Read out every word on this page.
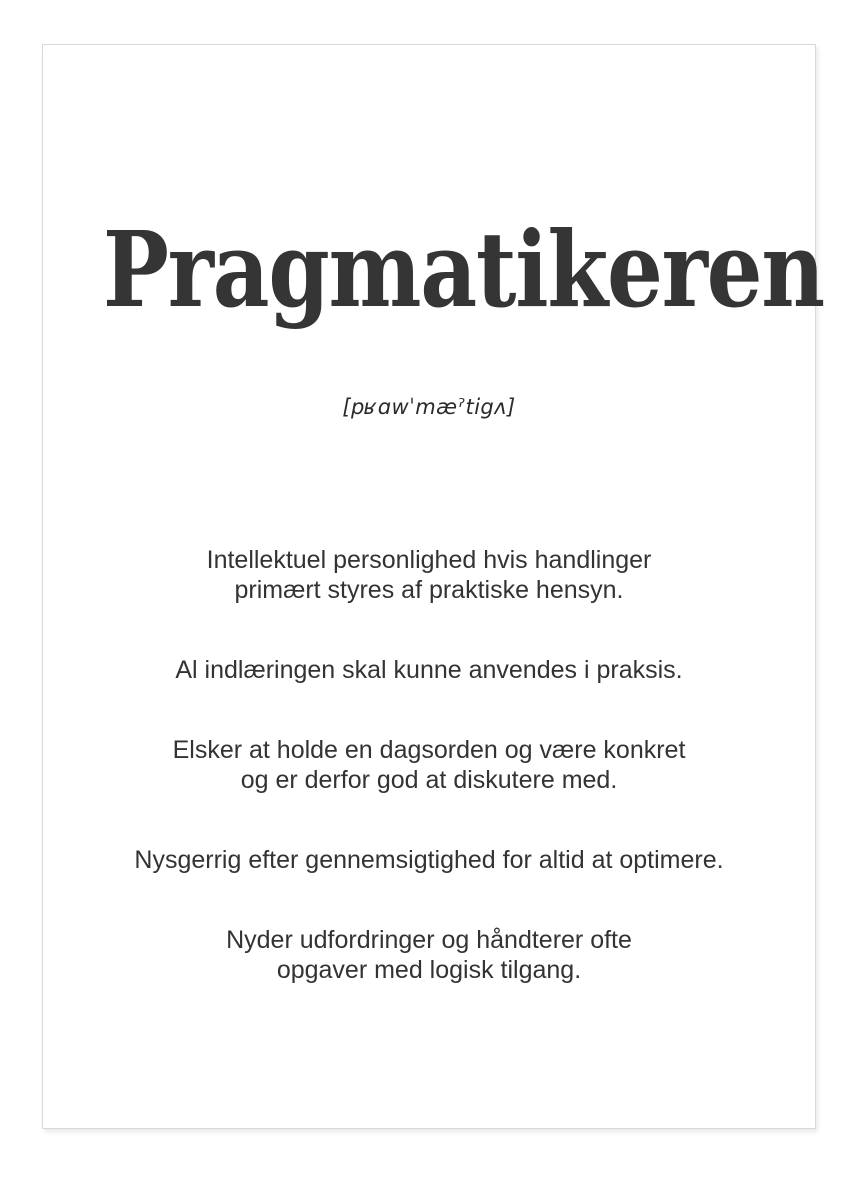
Pragmatikeren

[pʁɑwˈmæˀtigʌ]

Intellektuel personlighed hvis handlinger
primært styres af praktiske hensyn.

Al indlæringen skal kunne anvendes i praksis.

Elsker at holde en dagsorden og være konkret
og er derfor god at diskutere med.

Nysgerrig efter gennemsigtighed for altid at optimere.

Nyder udfordringer og håndterer ofte
opgaver med logisk tilgang.
